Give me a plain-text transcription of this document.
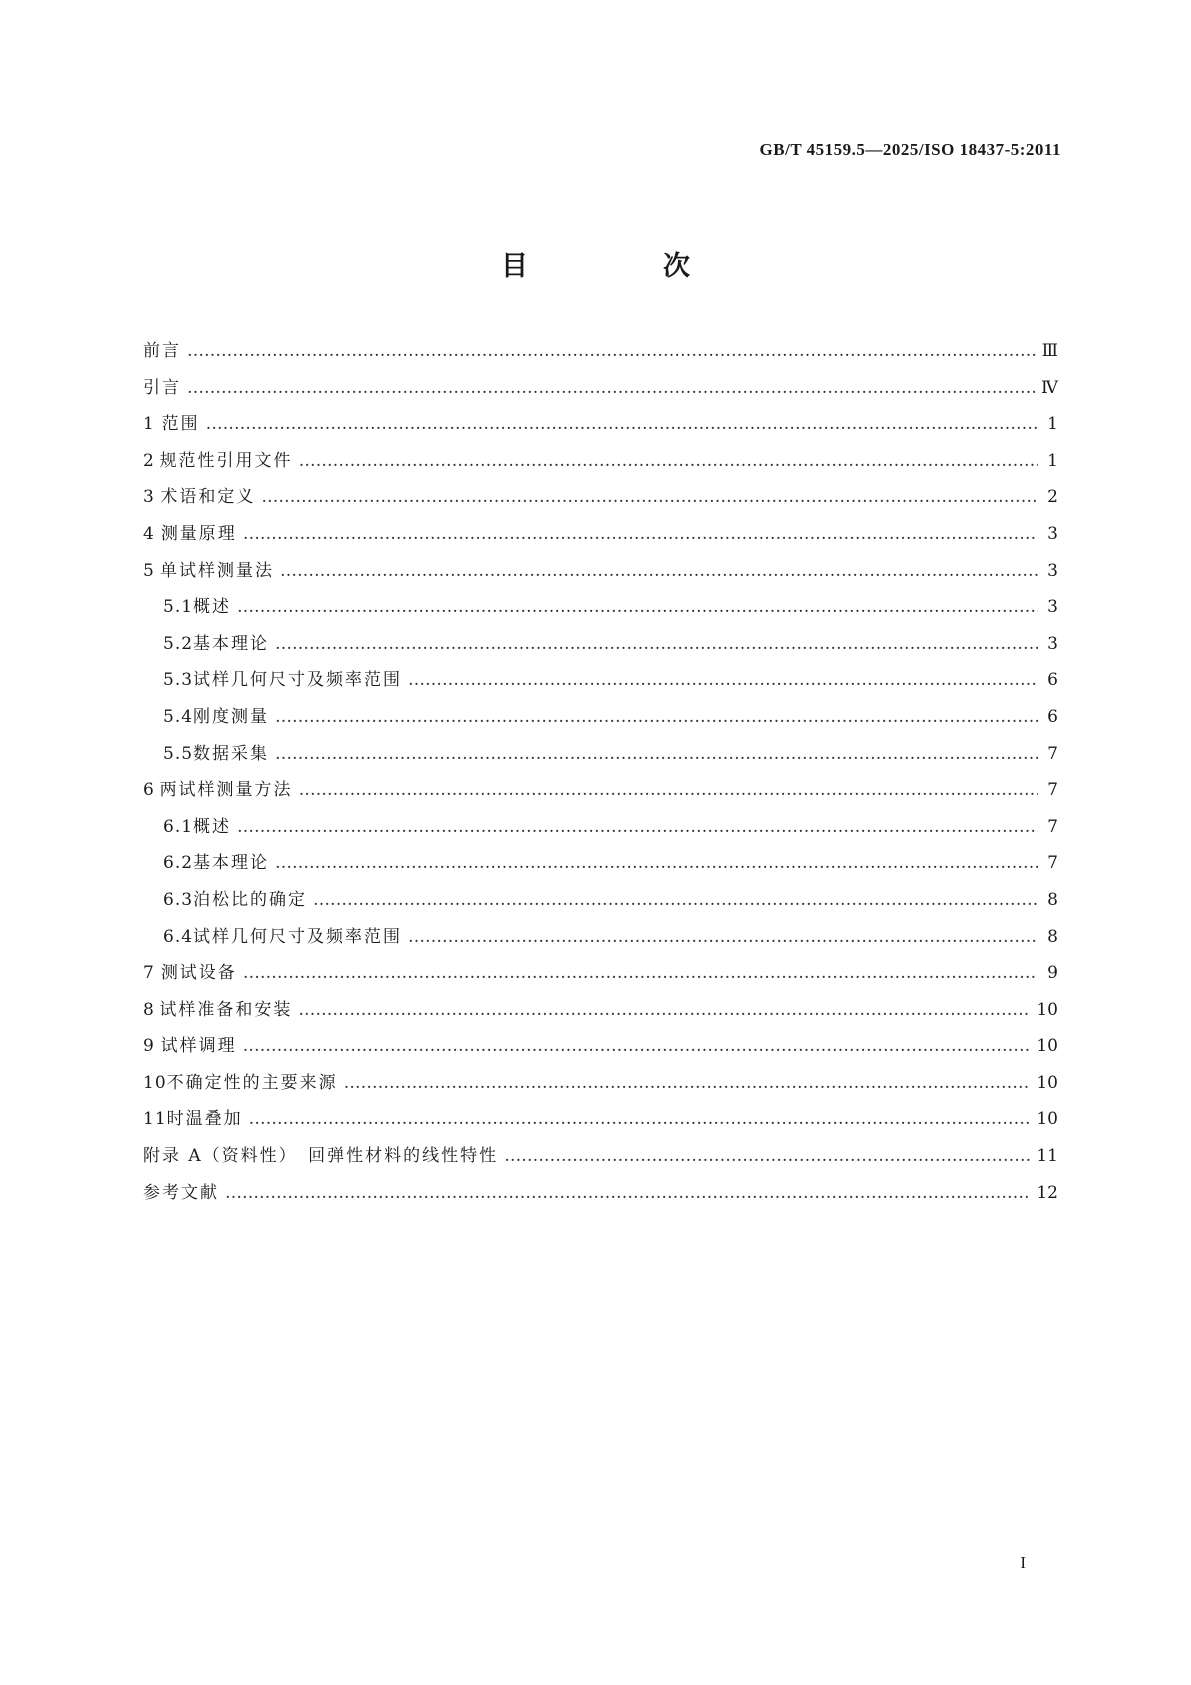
GB/T 45159.5—2025/ISO 18437-5:2011
目　次
前言 ………………………………………………………………………………………………………………………………………………………………………………………………………………………………	Ⅲ
引言 ………………………………………………………………………………………………………………………………………………………………………………………………………………………………	Ⅳ
1 范围 ………………………………………………………………………………………………………………………………………………………………………………………………………………………………	1
2 规范性引用文件 ………………………………………………………………………………………………………………………………………………………………………………………………………………………………	1
3 术语和定义 ………………………………………………………………………………………………………………………………………………………………………………………………………………………………	2
4 测量原理 ………………………………………………………………………………………………………………………………………………………………………………………………………………………………	3
5 单试样测量法 ………………………………………………………………………………………………………………………………………………………………………………………………………………………………	3
5.1 概述 ………………………………………………………………………………………………………………………………………………………………………………………………………………………………	3
5.2 基本理论 ………………………………………………………………………………………………………………………………………………………………………………………………………………………………	3
5.3 试样几何尺寸及频率范围 ………………………………………………………………………………………………………………………………………………………………………………………………………………………………	6
5.4 刚度测量 ………………………………………………………………………………………………………………………………………………………………………………………………………………………………	6
5.5 数据采集 ………………………………………………………………………………………………………………………………………………………………………………………………………………………………	7
6 两试样测量方法 ………………………………………………………………………………………………………………………………………………………………………………………………………………………………	7
6.1 概述 ………………………………………………………………………………………………………………………………………………………………………………………………………………………………	7
6.2 基本理论 ………………………………………………………………………………………………………………………………………………………………………………………………………………………………	7
6.3 泊松比的确定 ………………………………………………………………………………………………………………………………………………………………………………………………………………………………	8
6.4 试样几何尺寸及频率范围 ………………………………………………………………………………………………………………………………………………………………………………………………………………………………	8
7 测试设备 ………………………………………………………………………………………………………………………………………………………………………………………………………………………………	9
8 试样准备和安装 ………………………………………………………………………………………………………………………………………………………………………………………………………………………………	10
9 试样调理 ………………………………………………………………………………………………………………………………………………………………………………………………………………………………	10
10 不确定性的主要来源 ………………………………………………………………………………………………………………………………………………………………………………………………………………………………	10
11 时温叠加 ………………………………………………………………………………………………………………………………………………………………………………………………………………………………	10
附录 A（资料性）　回弹性材料的线性特性 ………………………………………………………………………………………………………………………………………………………………………………………………………………………………	11
参考文献 ………………………………………………………………………………………………………………………………………………………………………………………………………………………………	12
I
